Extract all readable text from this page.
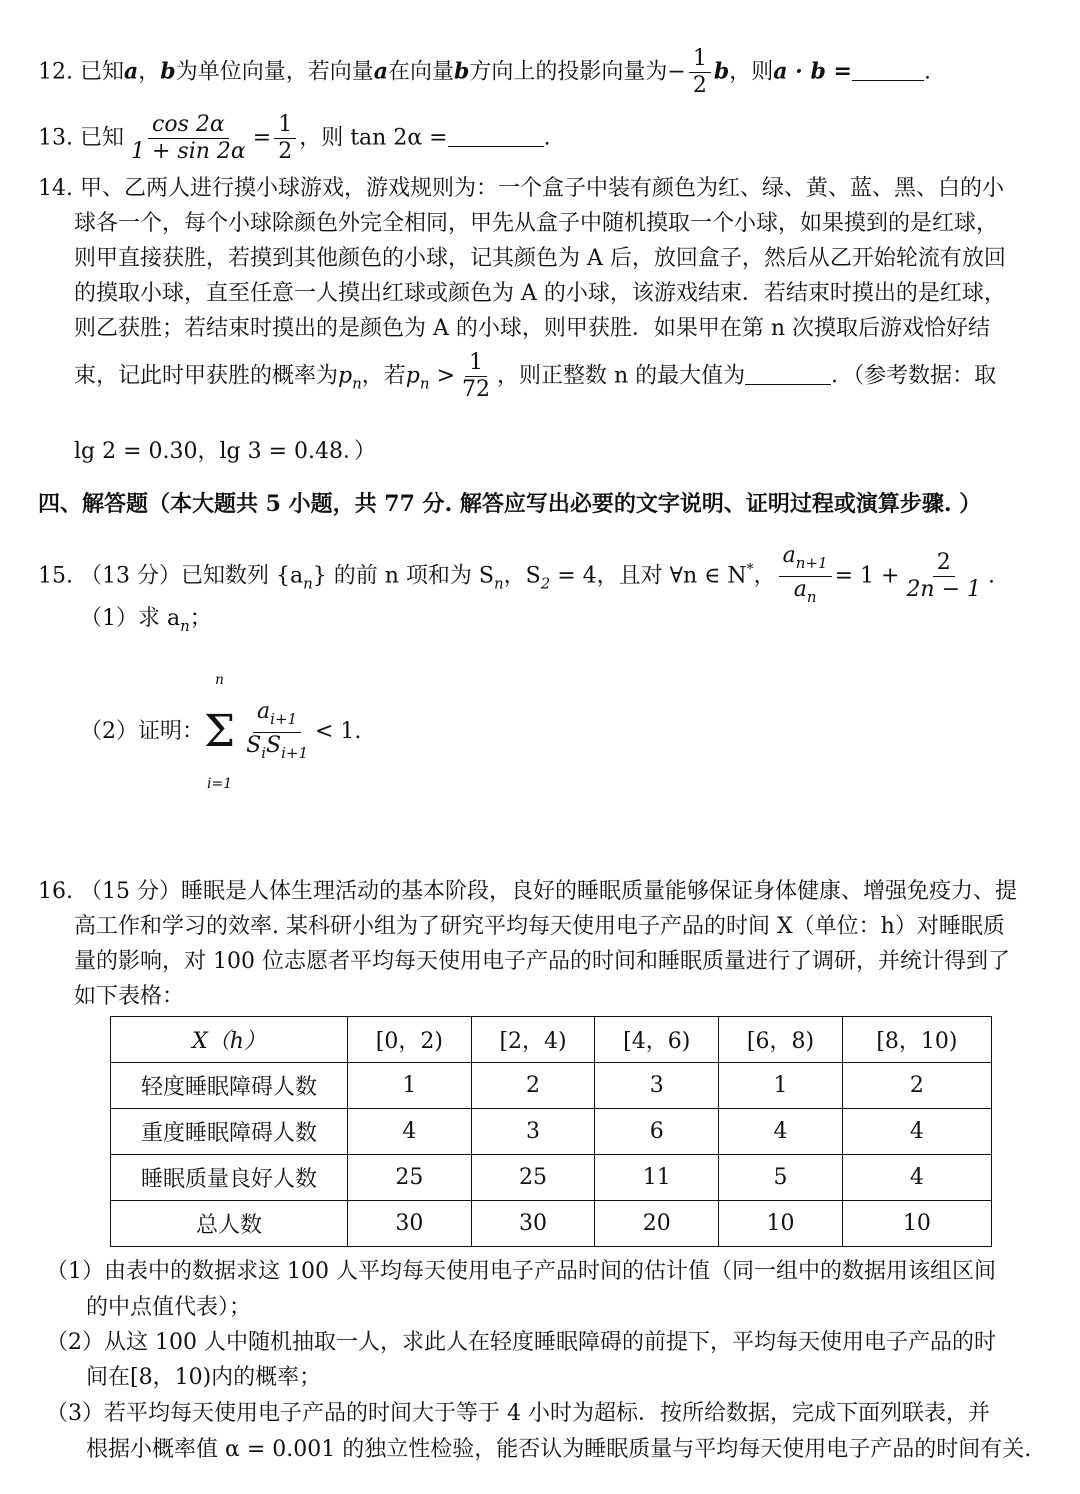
12. 已知a，b为单位向量，若向量a在向量b方向上的投影向量为− $\frac{1}{2}$ b，则a · b =	.
13. 已知 $\frac{\cos 2\alpha}{1 + \sin 2\alpha} = \frac{1}{2}$ ，则 tan 2α =	.
14. 甲、乙两人进行摸小球游戏，游戏规则为：一个盒子中装有颜色为红、绿、黄、蓝、黑、白的小
球各一个，每个小球除颜色外完全相同，甲先从盒子中随机摸取一个小球，如果摸到的是红球，
则甲直接获胜，若摸到其他颜色的小球，记其颜色为 A 后，放回盒子，然后从乙开始轮流有放回
的摸取小球，直至任意一人摸出红球或颜色为 A 的小球，该游戏结束．若结束时摸出的是红球，
则乙获胜；若结束时摸出的是颜色为 A 的小球，则甲获胜．如果甲在第 n 次摸取后游戏恰好结
束，记此时甲获胜的概率为$p_n$，若$p_n > \frac{1}{72}$ ，则正整数 n 的最大值为	．（参考数据：取
lg 2 = 0.30，lg 3 = 0.48．）
四、解答题（本大题共 5 小题，共 77 分. 解答应写出必要的文字说明、证明过程或演算步骤. ）
15. （13 分）已知数列 $\{a_n\}$ 的前 n 项和为 $S_n$，$S_2 = 4$，且对 ∀n ∈ N*， $\frac{a_{n+1}}{a_n} = 1 + \frac{2}{2n - 1}$ .
（1）求 $a_n$；
（2）证明：
n
Σ
i=1
$\frac{a_{i+1}}{S_iS_{i+1}} < 1$.
16. （15 分）睡眠是人体生理活动的基本阶段，良好的睡眠质量能够保证身体健康、增强免疫力、提
高工作和学习的效率. 某科研小组为了研究平均每天使用电子产品的时间 X（单位：h）对睡眠质
量的影响，对 100 位志愿者平均每天使用电子产品的时间和睡眠质量进行了调研，并统计得到了
如下表格：
X（h）	[0，2)	[2，4)	[4，6)	[6，8)	[8，10)
轻度睡眠障碍人数	1	2	3	1	2
重度睡眠障碍人数	4	3	6	4	4
睡眠质量良好人数	25	25	11	5	4
总人数	30	30	20	10	10
（1）由表中的数据求这 100 人平均每天使用电子产品时间的估计值（同一组中的数据用该组区间
的中点值代表）；
（2）从这 100 人中随机抽取一人，求此人在轻度睡眠障碍的前提下，平均每天使用电子产品的时
间在[8，10)内的概率；
（3）若平均每天使用电子产品的时间大于等于 4 小时为超标．按所给数据，完成下面列联表，并
根据小概率值 α = 0.001 的独立性检验，能否认为睡眠质量与平均每天使用电子产品的时间有关.
